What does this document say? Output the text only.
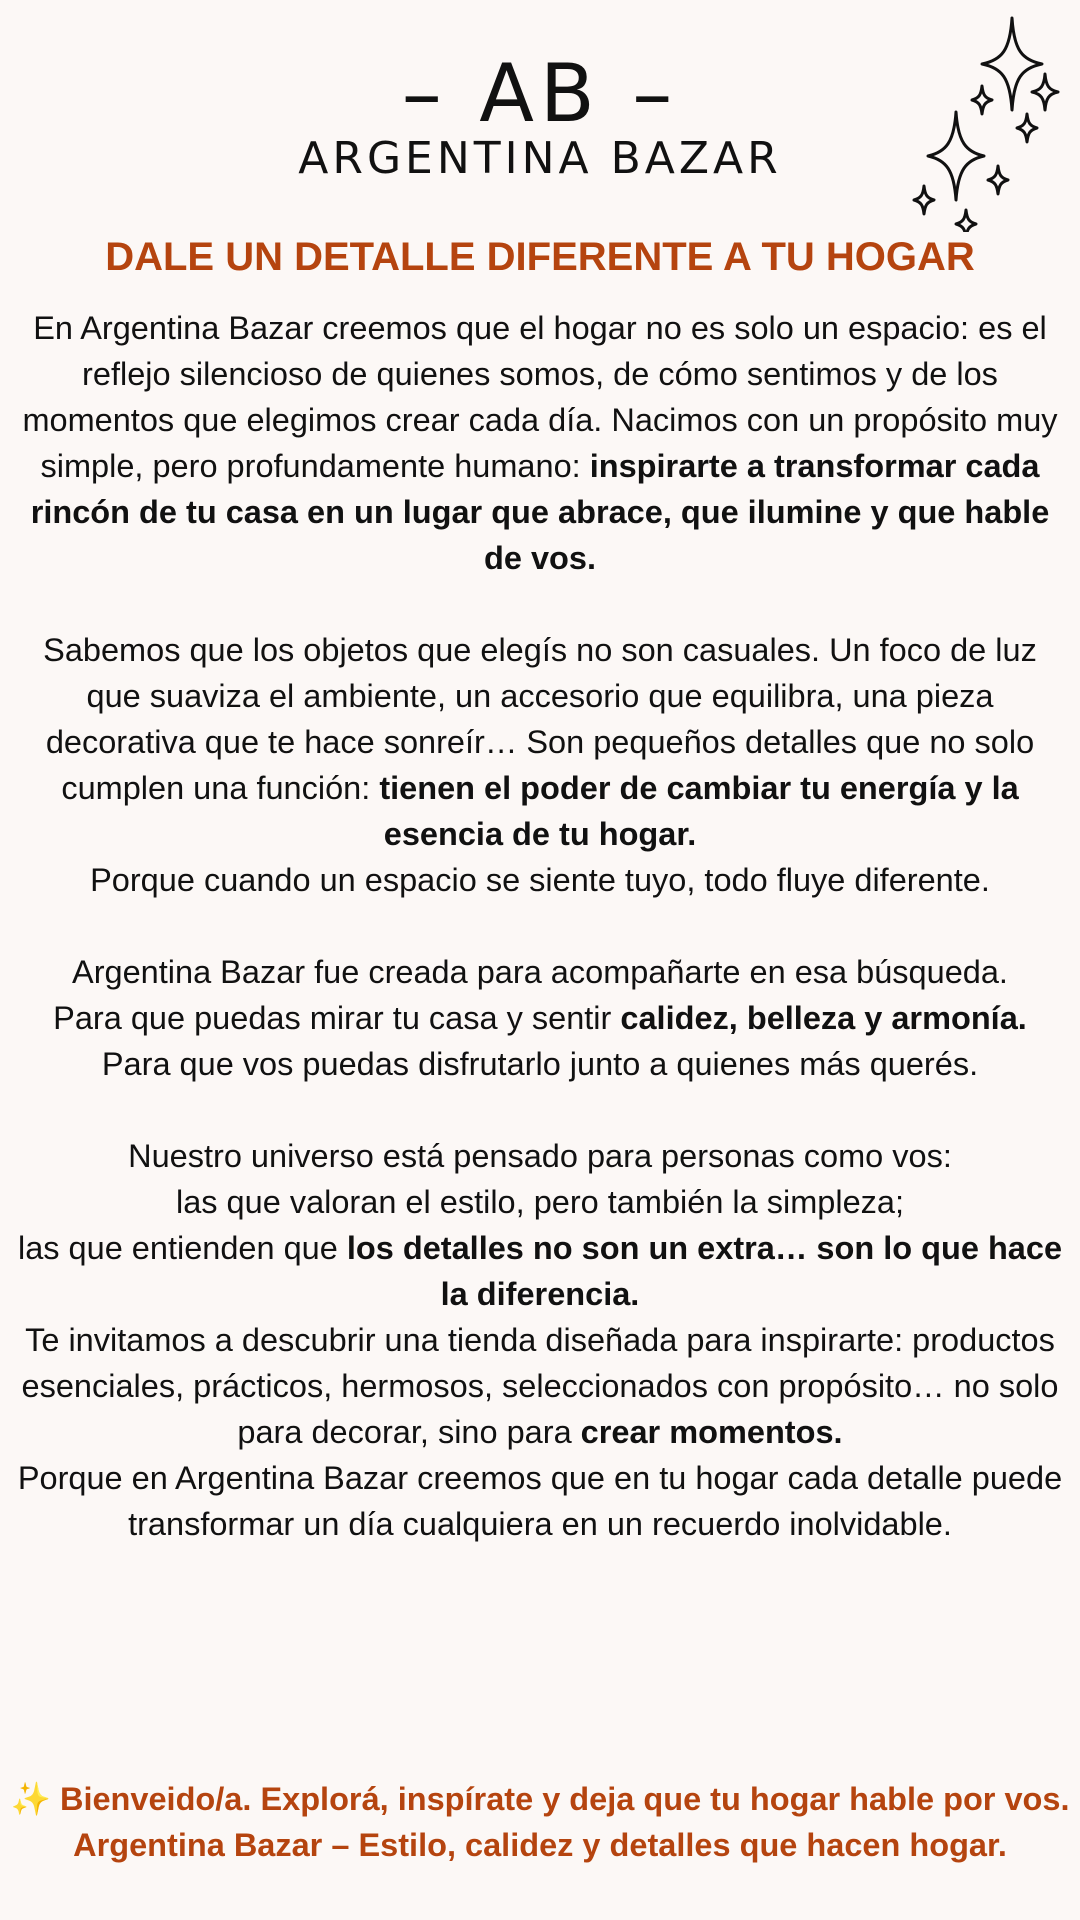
– AB –
ARGENTINA BAZAR
DALE UN DETALLE DIFERENTE A TU HOGAR

En Argentina Bazar creemos que el hogar no es solo un espacio: es el reflejo silencioso de quienes somos, de cómo sentimos y de los momentos que elegimos crear cada día. Nacimos con un propósito muy simple, pero profundamente humano: inspirarte a transformar cada rincón de tu casa en un lugar que abrace, que ilumine y que hable de vos.

Sabemos que los objetos que elegís no son casuales. Un foco de luz que suaviza el ambiente, un accesorio que equilibra, una pieza decorativa que te hace sonreír… Son pequeños detalles que no solo cumplen una función: tienen el poder de cambiar tu energía y la esencia de tu hogar.

Porque cuando un espacio se siente tuyo, todo fluye diferente.

Argentina Bazar fue creada para acompañarte en esa búsqueda.

Para que puedas mirar tu casa y sentir calidez, belleza y armonía.

Para que vos puedas disfrutarlo junto a quienes más querés.

Nuestro universo está pensado para personas como vos:

las que valoran el estilo, pero también la simpleza;

las que entienden que los detalles no son un extra… son lo que hace la diferencia.

Te invitamos a descubrir una tienda diseñada para inspirarte: productos esenciales, prácticos, hermosos, seleccionados con propósito… no solo para decorar, sino para crear momentos.

Porque en Argentina Bazar creemos que en tu hogar cada detalle puede transformar un día cualquiera en un recuerdo inolvidable.

✨ Bienveido/a. Explorá, inspírate y deja que tu hogar hable por vos.

Argentina Bazar – Estilo, calidez y detalles que hacen hogar.
